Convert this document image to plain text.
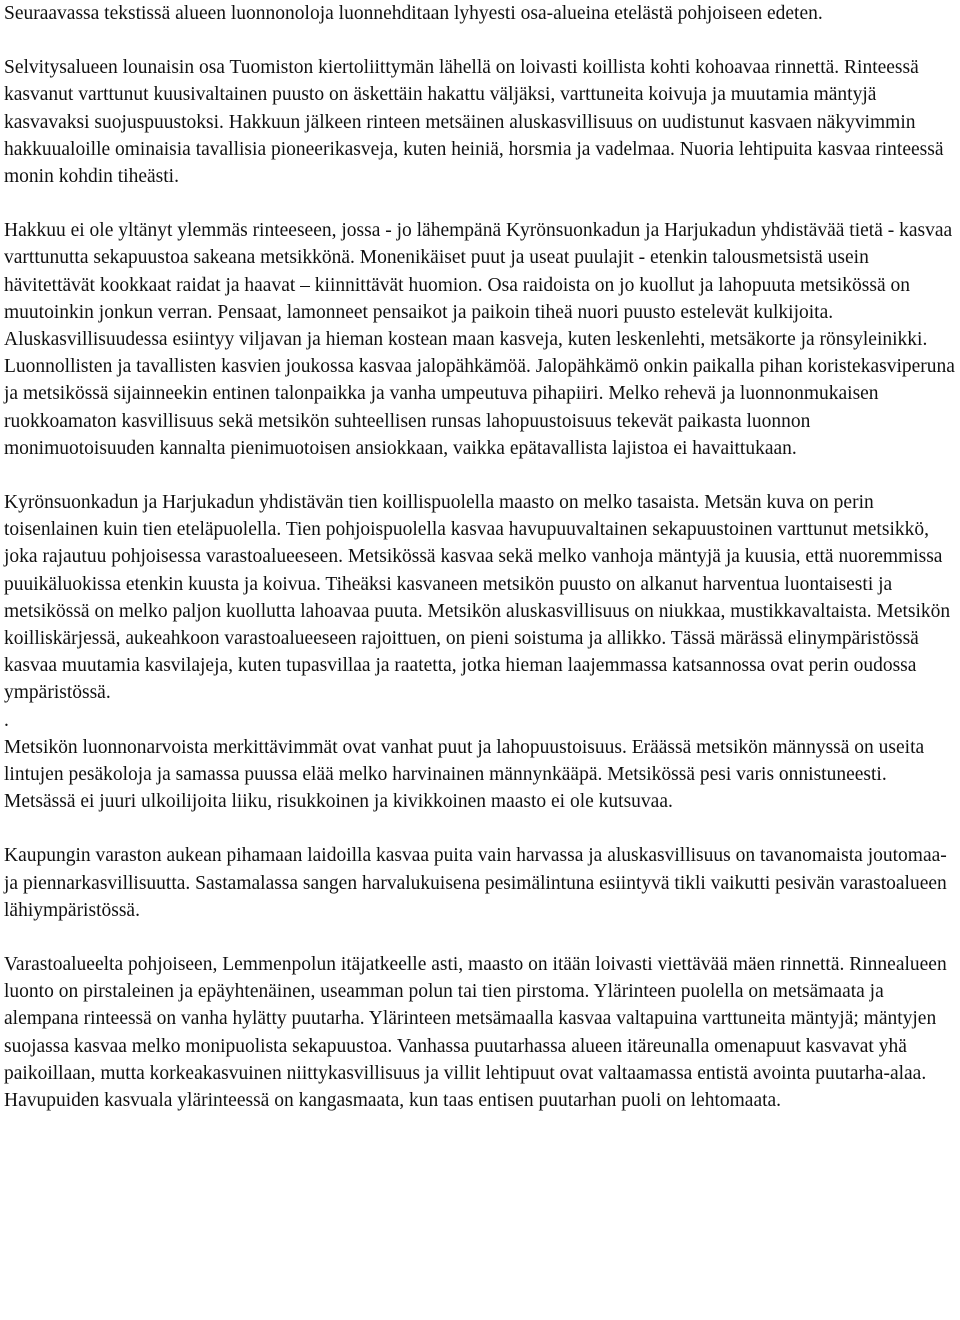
Seuraavassa tekstissä alueen luonnonoloja luonnehditaan lyhyesti osa-alueina etelästä pohjoiseen edeten.

Selvitysalueen lounaisin osa Tuomiston kiertoliittymän lähellä on loivasti koillista kohti kohoavaa rinnettä. Rinteessä kasvanut varttunut kuusivaltainen puusto on äskettäin hakattu väljäksi, varttuneita koivuja ja muutamia mäntyjä kasvavaksi suojuspuustoksi. Hakkuun jälkeen rinteen metsäinen aluskasvillisuus on uudistunut kasvaen näkyvimmin hakkuualoille ominaisia tavallisia pioneerikasveja, kuten heiniä, horsmia ja vadelmaa. Nuoria lehtipuita kasvaa rinteessä monin kohdin tiheästi.

Hakkuu ei ole yltänyt ylemmäs rinteeseen, jossa - jo lähempänä Kyrönsuonkadun ja Harjukadun yhdistävää tietä - kasvaa varttunutta sekapuustoa sakeana metsikkönä. Monenikäiset puut ja useat puulajit - etenkin talousmetsistä usein hävitettävät kookkaat raidat ja haavat – kiinnittävät huomion. Osa raidoista on jo kuollut ja lahopuuta metsikössä on muutoinkin jonkun verran. Pensaat, lamonneet pensaikot ja paikoin tiheä nuori puusto estelevät kulkijoita. Aluskasvillisuudessa esiintyy viljavan ja hieman kostean maan kasveja, kuten leskenlehti, metsäkorte ja rönsyleinikki. Luonnollisten ja tavallisten kasvien joukossa kasvaa jalopähkämöä. Jalopähkämö onkin paikalla pihan koristekasviperuna ja metsikössä sijainneekin entinen talonpaikka ja vanha umpeutuva pihapiiri. Melko rehevä ja luonnonmukaisen ruokkoamaton kasvillisuus sekä metsikön suhteellisen runsas lahopuustoisuus tekevät paikasta luonnon monimuotoisuuden kannalta pienimuotoisen ansiokkaan, vaikka epätavallista lajistoa ei havaittukaan.

Kyrönsuonkadun ja Harjukadun yhdistävän tien koillispuolella maasto on melko tasaista. Metsän kuva on perin toisenlainen kuin tien eteläpuolella. Tien pohjoispuolella kasvaa havupuuvaltainen sekapuustoinen varttunut metsikkö, joka rajautuu pohjoisessa varastoalueeseen. Metsikössä kasvaa sekä melko vanhoja mäntyjä ja kuusia, että nuoremmissa puuikäluokissa etenkin kuusta ja koivua. Tiheäksi kasvaneen metsikön puusto on alkanut harventua luontaisesti ja metsikössä on melko paljon kuollutta lahoavaa puuta. Metsikön aluskasvillisuus on niukkaa, mustikkavaltaista. Metsikön koilliskärjessä, aukeahkoon varastoalueeseen rajoittuen, on pieni soistuma ja allikko. Tässä märässä elinympäristössä kasvaa muutamia kasvilajeja, kuten tupasvillaa ja raatetta, jotka hieman laajemmassa katsannossa ovat perin oudossa ympäristössä.

.

Metsikön luonnonarvoista merkittävimmät ovat vanhat puut ja lahopuustoisuus. Eräässä metsikön männyssä on useita lintujen pesäkoloja ja samassa puussa elää melko harvinainen männynkääpä. Metsikössä pesi varis onnistuneesti. Metsässä ei juuri ulkoilijoita liiku, risukkoinen ja kivikkoinen maasto ei ole kutsuvaa.

Kaupungin varaston aukean pihamaan laidoilla kasvaa puita vain harvassa ja aluskasvillisuus on tavanomaista joutomaa- ja piennarkasvillisuutta. Sastamalassa sangen harvalukuisena pesimälintuna esiintyvä tikli vaikutti pesivän varastoalueen lähiympäristössä.

Varastoalueelta pohjoiseen, Lemmenpolun itäjatkeelle asti, maasto on itään loivasti viettävää mäen rinnettä. Rinnealueen luonto on pirstaleinen ja epäyhtenäinen, useamman polun tai tien pirstoma. Ylärinteen puolella on metsämaata ja alempana rinteessä on vanha hylätty puutarha. Ylärinteen metsämaalla kasvaa valtapuina varttuneita mäntyjä; mäntyjen suojassa kasvaa melko monipuolista sekapuustoa. Vanhassa puutarhassa alueen itäreunalla omenapuut kasvavat yhä paikoillaan, mutta korkeakasvuinen niittykasvillisuus ja villit lehtipuut ovat valtaamassa entistä avointa puutarha-alaa. Havupuiden kasvuala ylärinteessä on kangasmaata, kun taas entisen puutarhan puoli on lehtomaata.
